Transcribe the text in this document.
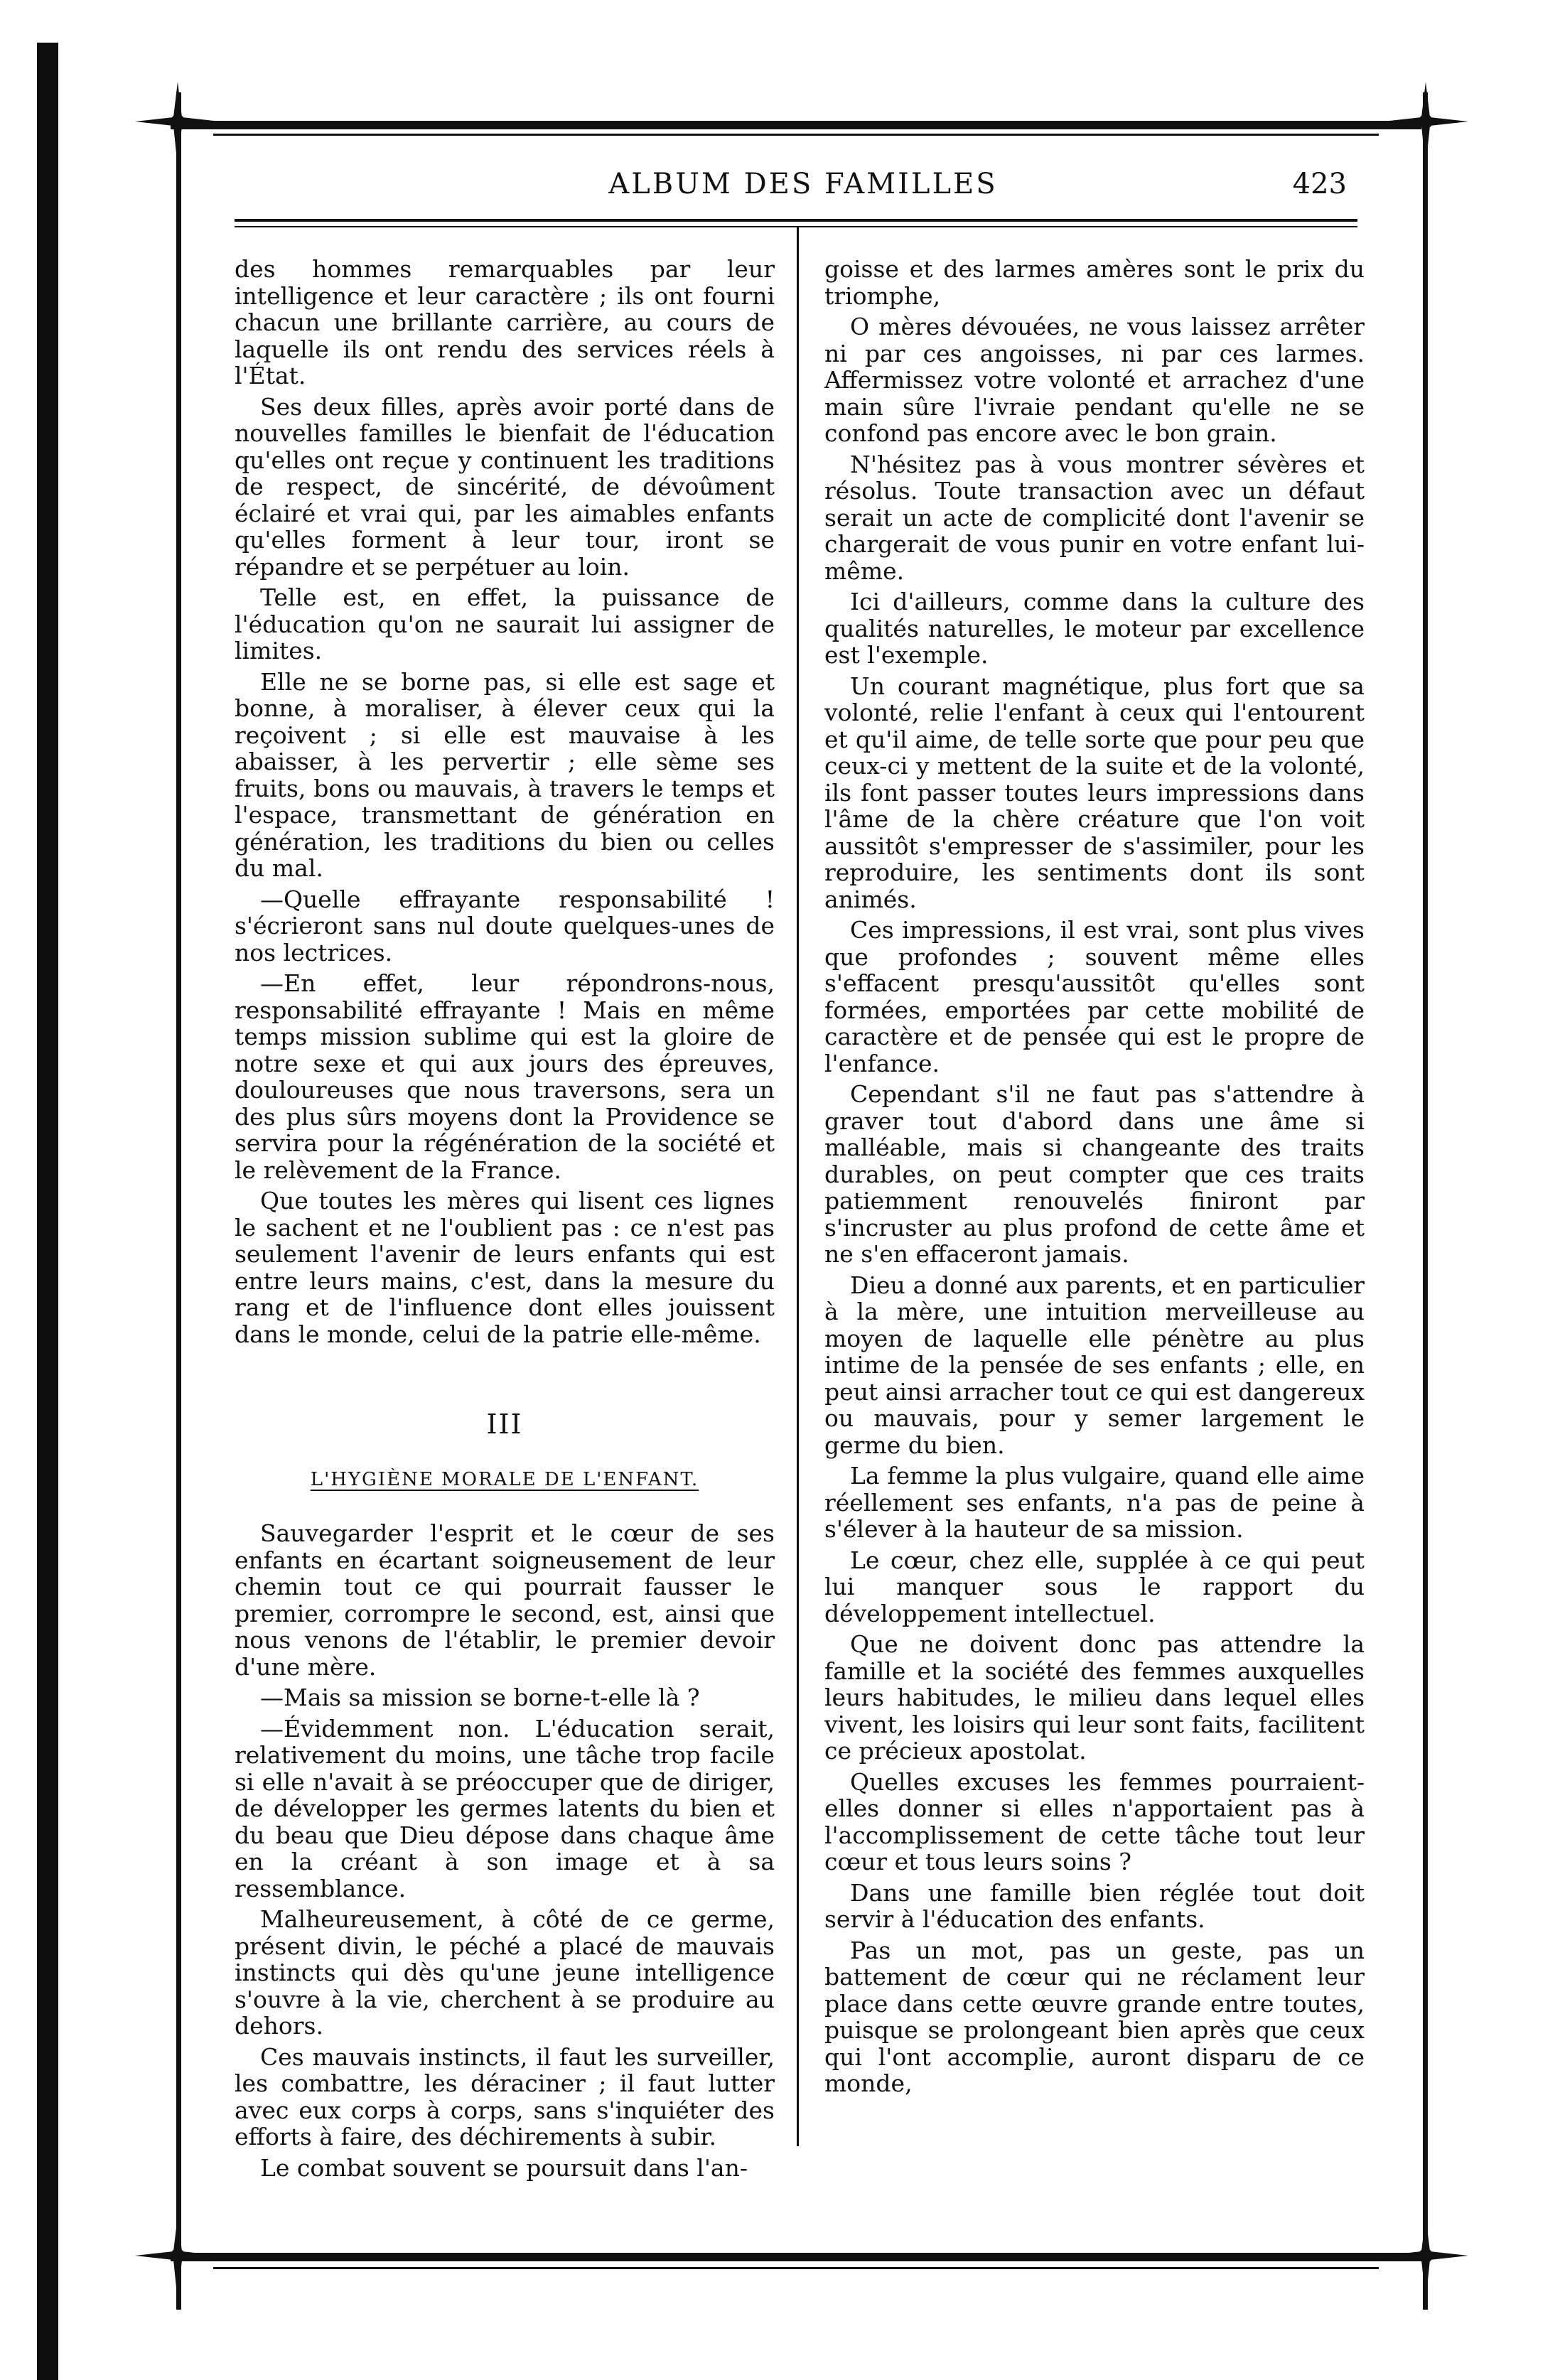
ALBUM DES FAMILLES	423

des hommes remarquables par leur intelligence et leur caractère ; ils ont fourni chacun une brillante carrière, au cours de laquelle ils ont rendu des services réels à l'État.

Ses deux filles, après avoir porté dans de nouvelles familles le bienfait de l'éducation qu'elles ont reçue y continuent les traditions de respect, de sincérité, de dévoûment éclairé et vrai qui, par les aimables enfants qu'elles forment à leur tour, iront se répandre et se perpétuer au loin.

Telle est, en effet, la puissance de l'éducation qu'on ne saurait lui assigner de limites.

Elle ne se borne pas, si elle est sage et bonne, à moraliser, à élever ceux qui la reçoivent ; si elle est mauvaise à les abaisser, à les pervertir ; elle sème ses fruits, bons ou mauvais, à travers le temps et l'espace, transmettant de génération en génération, les traditions du bien ou celles du mal.

—Quelle effrayante responsabilité ! s'écrieront sans nul doute quelques-unes de nos lectrices.

—En effet, leur répondrons-nous, responsabilité effrayante ! Mais en même temps mission sublime qui est la gloire de notre sexe et qui aux jours des épreuves, douloureuses que nous traversons, sera un des plus sûrs moyens dont la Providence se servira pour la régénération de la société et le relèvement de la France.

Que toutes les mères qui lisent ces lignes le sachent et ne l'oublient pas : ce n'est pas seulement l'avenir de leurs enfants qui est entre leurs mains, c'est, dans la mesure du rang et de l'influence dont elles jouissent dans le monde, celui de la patrie elle-même.

III
L'HYGIÈNE MORALE DE L'ENFANT.

Sauvegarder l'esprit et le cœur de ses enfants en écartant soigneusement de leur chemin tout ce qui pourrait fausser le premier, corrompre le second, est, ainsi que nous venons de l'établir, le premier devoir d'une mère.

—Mais sa mission se borne-t-elle là ?

—Évidemment non. L'éducation serait, relativement du moins, une tâche trop facile si elle n'avait à se préoccuper que de diriger, de développer les germes latents du bien et du beau que Dieu dépose dans chaque âme en la créant à son image et à sa ressemblance.

Malheureusement, à côté de ce germe, présent divin, le péché a placé de mauvais instincts qui dès qu'une jeune intelligence s'ouvre à la vie, cherchent à se produire au dehors.

Ces mauvais instincts, il faut les surveiller, les combattre, les déraciner ; il faut lutter avec eux corps à corps, sans s'inquiéter des efforts à faire, des déchirements à subir.

Le combat souvent se poursuit dans l'an-

goisse et des larmes amères sont le prix du triomphe,

O mères dévouées, ne vous laissez arrêter ni par ces angoisses, ni par ces larmes. Affermissez votre volonté et arrachez d'une main sûre l'ivraie pendant qu'elle ne se confond pas encore avec le bon grain.

N'hésitez pas à vous montrer sévères et résolus. Toute transaction avec un défaut serait un acte de complicité dont l'avenir se chargerait de vous punir en votre enfant lui-même.

Ici d'ailleurs, comme dans la culture des qualités naturelles, le moteur par excellence est l'exemple.

Un courant magnétique, plus fort que sa volonté, relie l'enfant à ceux qui l'entourent et qu'il aime, de telle sorte que pour peu que ceux-ci y mettent de la suite et de la volonté, ils font passer toutes leurs impressions dans l'âme de la chère créature que l'on voit aussitôt s'empresser de s'assimiler, pour les reproduire, les sentiments dont ils sont animés.

Ces impressions, il est vrai, sont plus vives que profondes ; souvent même elles s'effacent presqu'aussitôt qu'elles sont formées, emportées par cette mobilité de caractère et de pensée qui est le propre de l'enfance.

Cependant s'il ne faut pas s'attendre à graver tout d'abord dans une âme si malléable, mais si changeante des traits durables, on peut compter que ces traits patiemment renouvelés finiront par s'incruster au plus profond de cette âme et ne s'en effaceront jamais.

Dieu a donné aux parents, et en particulier à la mère, une intuition merveilleuse au moyen de laquelle elle pénètre au plus intime de la pensée de ses enfants ; elle, en peut ainsi arracher tout ce qui est dangereux ou mauvais, pour y semer largement le germe du bien.

La femme la plus vulgaire, quand elle aime réellement ses enfants, n'a pas de peine à s'élever à la hauteur de sa mission.

Le cœur, chez elle, supplée à ce qui peut lui manquer sous le rapport du développement intellectuel.

Que ne doivent donc pas attendre la famille et la société des femmes auxquelles leurs habitudes, le milieu dans lequel elles vivent, les loisirs qui leur sont faits, facilitent ce précieux apostolat.

Quelles excuses les femmes pourraient-elles donner si elles n'apportaient pas à l'accomplissement de cette tâche tout leur cœur et tous leurs soins ?

Dans une famille bien réglée tout doit servir à l'éducation des enfants.

Pas un mot, pas un geste, pas un battement de cœur qui ne réclament leur place dans cette œuvre grande entre toutes, puisque se prolongeant bien après que ceux qui l'ont accomplie, auront disparu de ce monde,
